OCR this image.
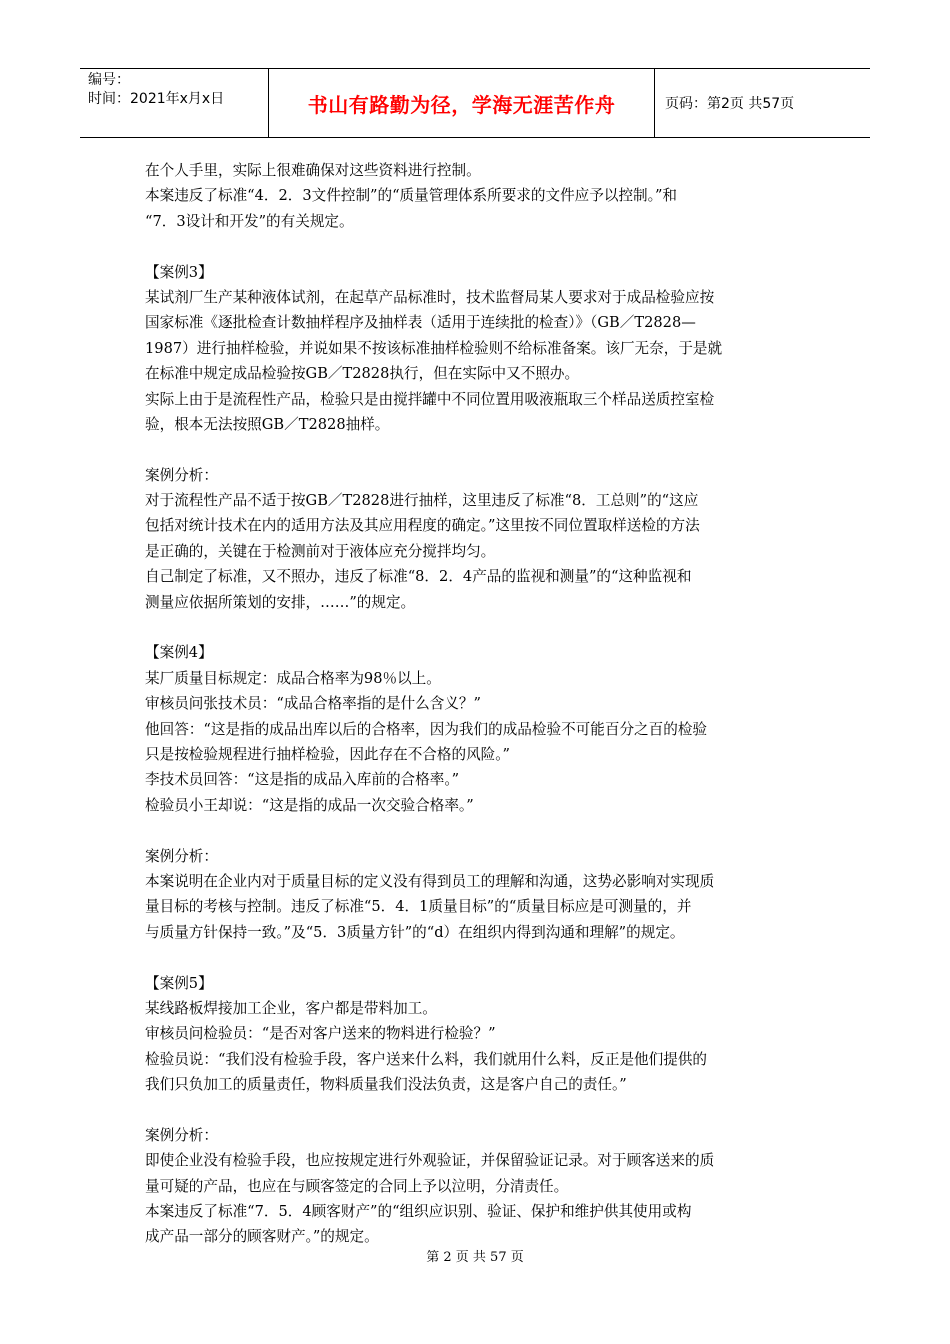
编号：
时间：2021年x月x日	书山有路勤为径，学海无涯苦作舟	页码：第2页 共57页
在个人手里，实际上很难确保对这些资料进行控制。
本案违反了标准“4．2．3文件控制”的“质量管理体系所要求的文件应予以控制。”和
“7．3设计和开发”的有关规定。
【案例3】
某试剂厂生产某种液体试剂，在起草产品标准时，技术监督局某人要求对于成品检验应按
国家标准《逐批检查计数抽样程序及抽样表（适用于连续批的检查）》（GB／T2828—
1987）进行抽样检验，并说如果不按该标准抽样检验则不给标准备案。该厂无奈，于是就
在标准中规定成品检验按GB／T2828执行，但在实际中又不照办。
实际上由于是流程性产品，检验只是由搅拌罐中不同位置用吸液瓶取三个样品送质控室检
验，根本无法按照GB／T2828抽样。
案例分析：
对于流程性产品不适于按GB／T2828进行抽样，这里违反了标准“8．工总则”的“这应
包括对统计技术在内的适用方法及其应用程度的确定。”这里按不同位置取样送检的方法
是正确的，关键在于检测前对于液体应充分搅拌均匀。
自己制定了标准，又不照办，违反了标准“8．2．4产品的监视和测量”的“这种监视和
测量应依据所策划的安排，……”的规定。
【案例4】
某厂质量目标规定：成品合格率为98％以上。
审核员问张技术员：“成品合格率指的是什么含义？”
他回答：“这是指的成品出库以后的合格率，因为我们的成品检验不可能百分之百的检验
只是按检验规程进行抽样检验，因此存在不合格的风险。”
李技术员回答：“这是指的成品入库前的合格率。”
检验员小王却说：“这是指的成品一次交验合格率。”
案例分析：
本案说明在企业内对于质量目标的定义没有得到员工的理解和沟通，这势必影响对实现质
量目标的考核与控制。违反了标准“5．4．1质量目标”的“质量目标应是可测量的，并
与质量方针保持一致。”及“5．3质量方针”的“d）在组织内得到沟通和理解”的规定。
【案例5】
某线路板焊接加工企业，客户都是带料加工。
审核员问检验员：“是否对客户送来的物料进行检验？”
检验员说：“我们没有检验手段，客户送来什么料，我们就用什么料，反正是他们提供的
我们只负加工的质量责任，物料质量我们没法负责，这是客户自己的责任。”
案例分析：
即使企业没有检验手段，也应按规定进行外观验证，并保留验证记录。对于顾客送来的质
量可疑的产品，也应在与顾客签定的合同上予以泣明，分清责任。
本案违反了标准“7．5．4顾客财产”的“组织应识别、验证、保护和维护供其使用或构
成产品一部分的顾客财产。”的规定。
第 2 页 共 57 页
